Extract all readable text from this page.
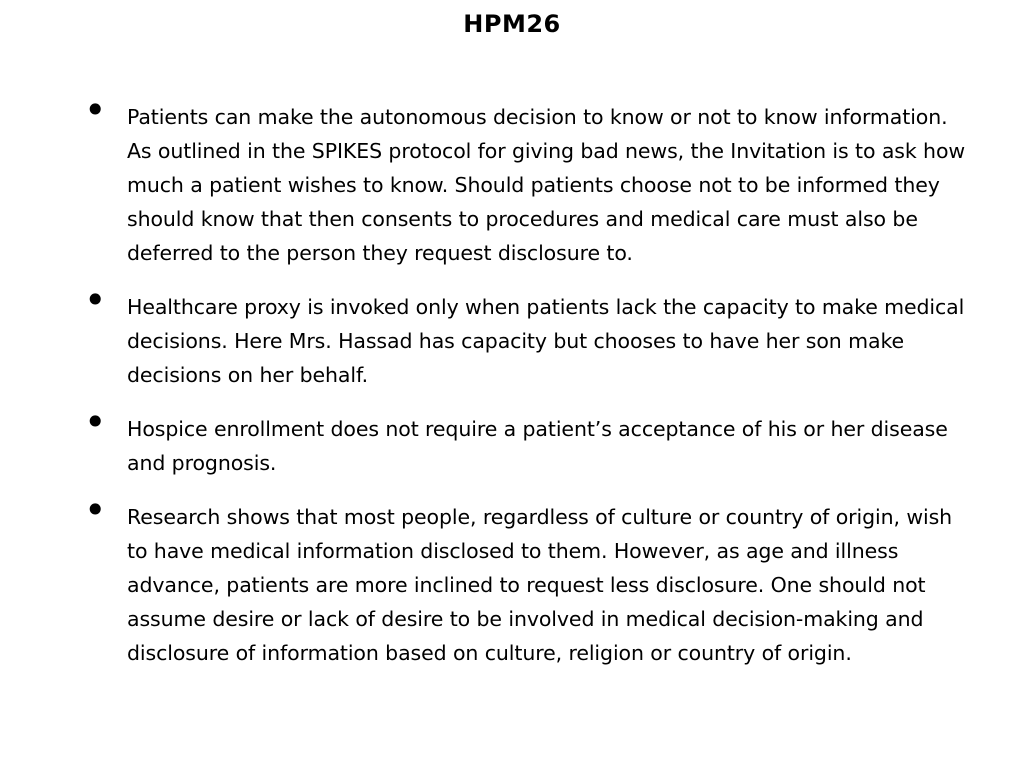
HPM26
• Patients can make the autonomous decision to know or not to know information. As outlined in the SPIKES protocol for giving bad news, the Invitation is to ask how much a patient wishes to know. Should patients choose not to be informed they should know that then consents to procedures and medical care must also be deferred to the person they request disclosure to.
• Healthcare proxy is invoked only when patients lack the capacity to make medical decisions. Here Mrs. Hassad has capacity but chooses to have her son make decisions on her behalf.
• Hospice enrollment does not require a patient’s acceptance of his or her disease and prognosis.
• Research shows that most people, regardless of culture or country of origin, wish to have medical information disclosed to them. However, as age and illness advance, patients are more inclined to request less disclosure. One should not assume desire or lack of desire to be involved in medical decision-making and disclosure of information based on culture, religion or country of origin.
